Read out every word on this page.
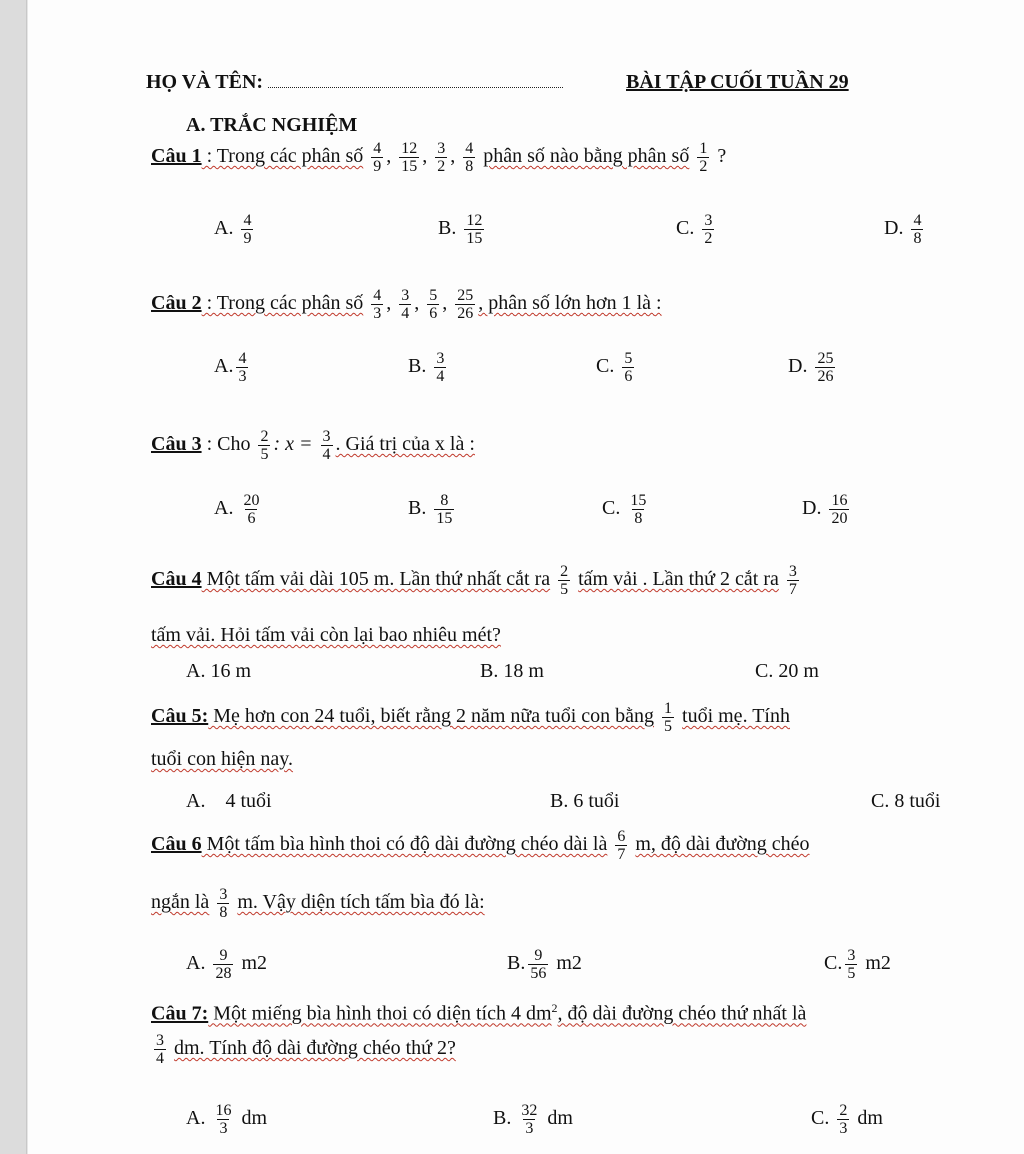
HỌ VÀ TÊN:	BÀI TẬP CUỐI TUẦN 29
A. TRẮC NGHIỆM
Câu 1 : Trong các phân số $\frac{4}{9}$ , $\frac{12}{15}$ , $\frac{3}{2}$ , $\frac{4}{8}$ phân số nào bằng phân số $\frac{1}{2}$ ?
A. $\frac{4}{9}$	B. $\frac{12}{15}$	C. $\frac{3}{2}$	D. $\frac{4}{8}$
Câu 2 : Trong các phân số $\frac{4}{3}$ , $\frac{3}{4}$ , $\frac{5}{6}$ , $\frac{25}{26}$ , phân số lớn hơn 1 là :
A. $\frac{4}{3}$	B. $\frac{3}{4}$	C. $\frac{5}{6}$	D. $\frac{25}{26}$
Câu 3 : Cho $\frac{2}{5}$ : $x = \frac{3}{4}$ . Giá trị của x là :
A. $\frac{20}{6}$	B. $\frac{8}{15}$	C. $\frac{15}{8}$	D. $\frac{16}{20}$
Câu 4 Một tấm vải dài 105 m. Lần thứ nhất cắt ra $\frac{2}{5}$ tấm vải . Lần thứ 2 cắt ra $\frac{3}{7}$
tấm vải. Hỏi tấm vải còn lại bao nhiêu mét?
A. 16 m	B. 18 m	C. 20 m
Câu 5: Mẹ hơn con 24 tuổi, biết rằng 2 năm nữa tuổi con bằng $\frac{1}{5}$ tuổi mẹ. Tính
tuổi con hiện nay.
A.    4 tuổi	B. 6 tuổi	C. 8 tuổi
Câu 6 Một tấm bìa hình thoi có độ dài đường chéo dài là $\frac{6}{7} m$, độ dài đường chéo
ngắn là $\frac{3}{8} m$. Vậy diện tích tấm bìa đó là:
A. $\frac{9}{28} m2$	B. $\frac{9}{56} m2$	C. $\frac{3}{5} m2$
Câu 7: Một miếng bìa hình thoi có diện tích 4 $dm^2$, độ dài đường chéo thứ nhất là
$\frac{3}{4}$ dm. Tính độ dài đường chéo thứ 2?
A. $\frac{16}{3}$ dm	B. $\frac{32}{3}$ dm	C. $\frac{2}{3}$ dm
